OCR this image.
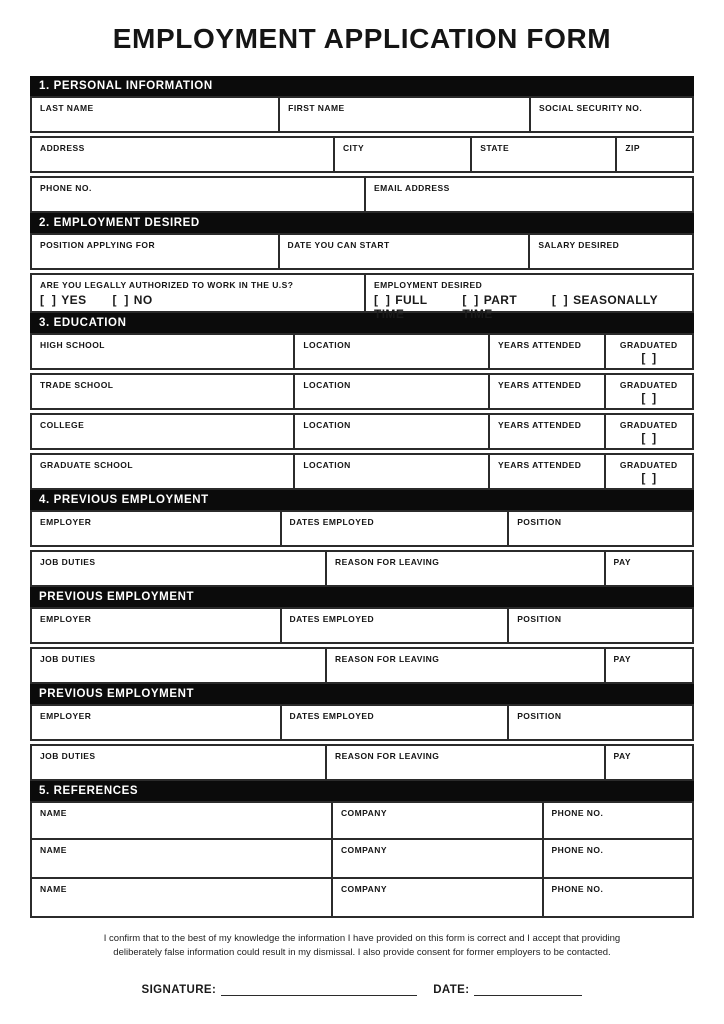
EMPLOYMENT APPLICATION FORM
1. PERSONAL INFORMATION
LAST NAME	FIRST NAME	SOCIAL SECURITY NO.
ADDRESS	CITY	STATE	ZIP
PHONE NO.	EMAIL ADDRESS
2. EMPLOYMENT DESIRED
POSITION APPLYING FOR	DATE YOU CAN START	SALARY DESIRED
ARE YOU LEGALLY AUTHORIZED TO WORK IN THE U.S?
[  ] YES [  ] NO
EMPLOYMENT DESIRED
[  ] FULL TIME
[  ] PART TIME
[  ] SEASONALLY
3. EDUCATION
HIGH SCHOOL	LOCATION	YEARS ATTENDED	GRADUATED
[  ]
TRADE SCHOOL	LOCATION	YEARS ATTENDED	GRADUATED
[  ]
COLLEGE	LOCATION	YEARS ATTENDED	GRADUATED
[  ]
GRADUATE SCHOOL	LOCATION	YEARS ATTENDED	GRADUATED
[  ]
4. PREVIOUS EMPLOYMENT
EMPLOYER	DATES EMPLOYED	POSITION
JOB DUTIES	REASON FOR LEAVING	PAY
PREVIOUS EMPLOYMENT
EMPLOYER	DATES EMPLOYED	POSITION
JOB DUTIES	REASON FOR LEAVING	PAY
PREVIOUS EMPLOYMENT
EMPLOYER	DATES EMPLOYED	POSITION
JOB DUTIES	REASON FOR LEAVING	PAY
5. REFERENCES
NAME	COMPANY	PHONE NO.
NAME	COMPANY	PHONE NO.
NAME	COMPANY	PHONE NO.

I confirm that to the best of my knowledge the information I have provided on this form is correct and I accept that providing deliberately false information could result in my dismissal. I also provide consent for former employers to be contacted.

SIGNATURE:	DATE:
